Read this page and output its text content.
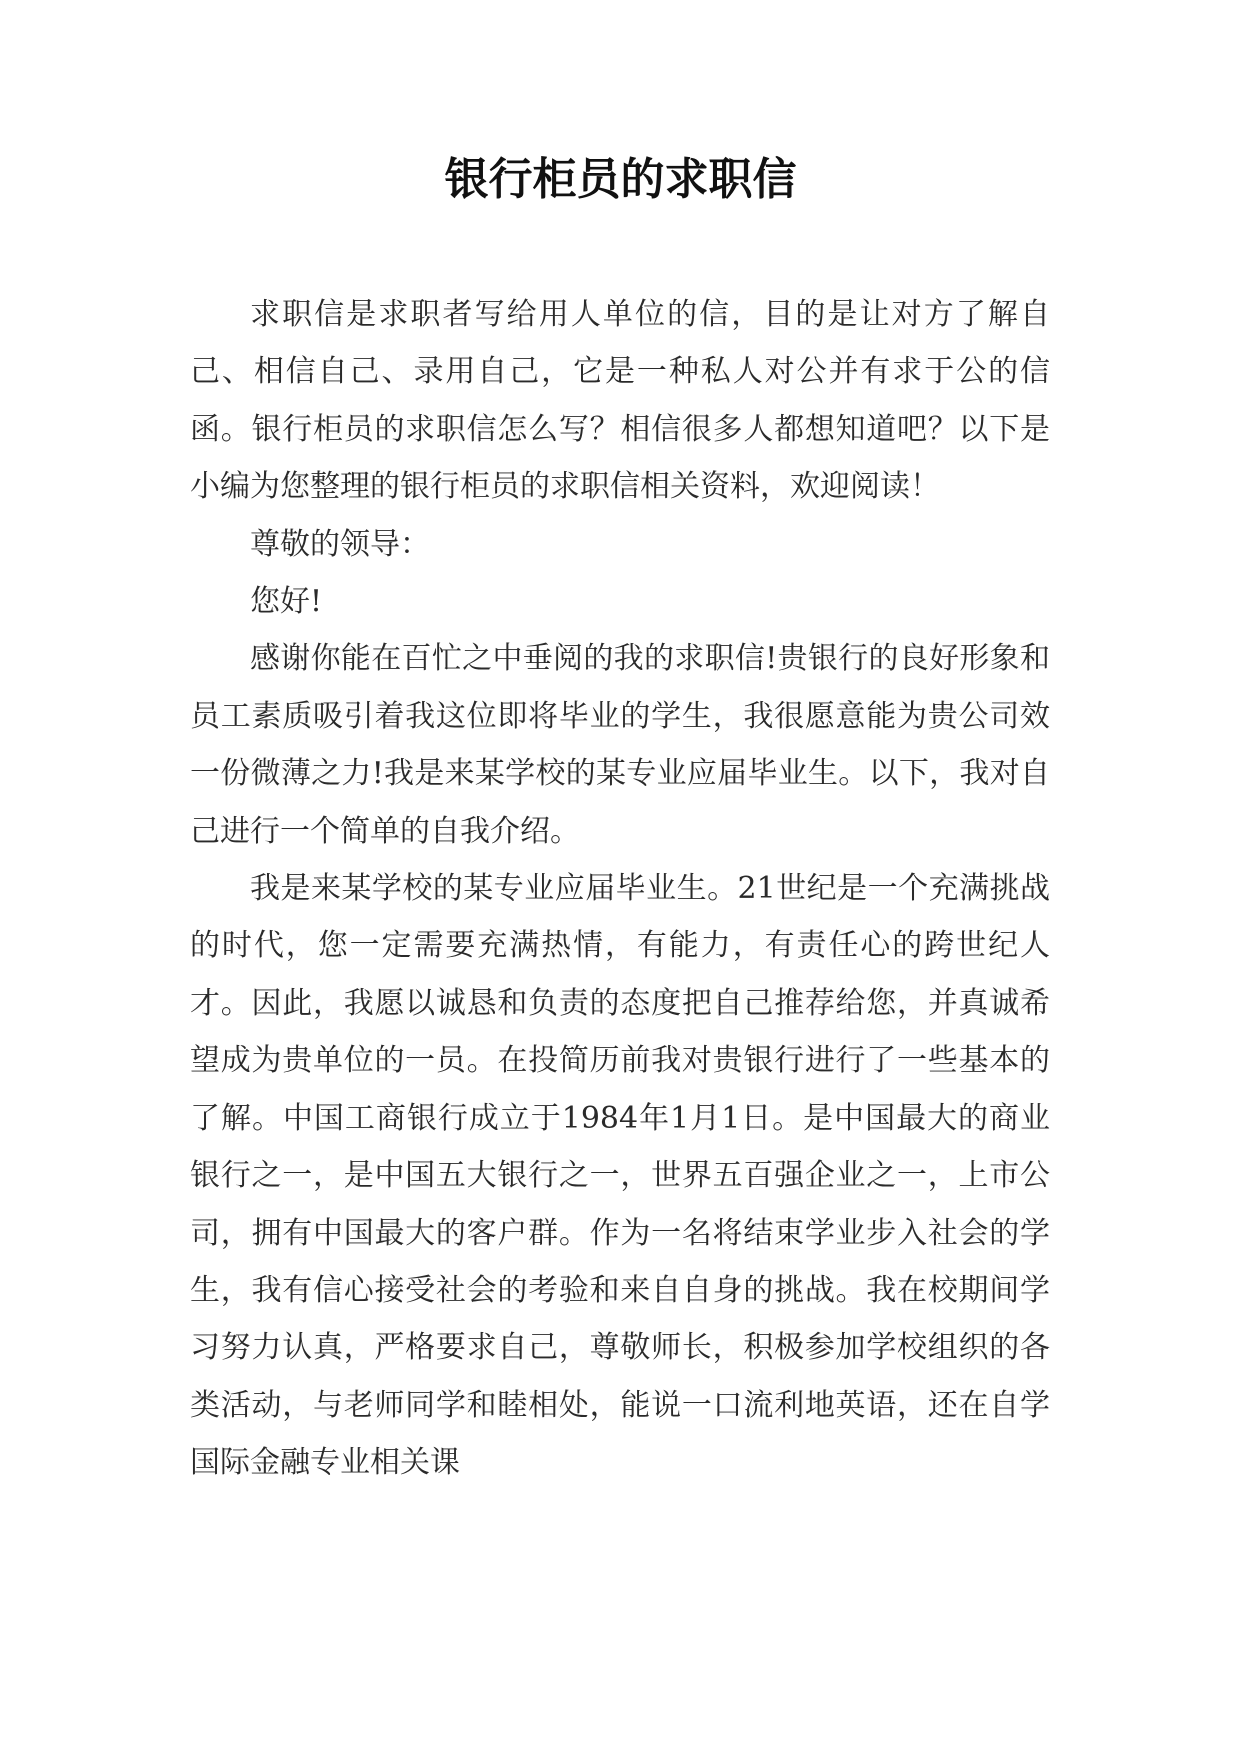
银行柜员的求职信

求职信是求职者写给用人单位的信，目的是让对方了解自己、相信自己、录用自己，它是一种私人对公并有求于公的信函。银行柜员的求职信怎么写？相信很多人都想知道吧？以下是小编为您整理的银行柜员的求职信相关资料，欢迎阅读！

尊敬的领导：

您好!

感谢你能在百忙之中垂阅的我的求职信!贵银行的良好形象和员工素质吸引着我这位即将毕业的学生，我很愿意能为贵公司效一份微薄之力!我是来某学校的某专业应届毕业生。以下，我对自己进行一个简单的自我介绍。

我是来某学校的某专业应届毕业生。21世纪是一个充满挑战的时代，您一定需要充满热情，有能力，有责任心的跨世纪人才。因此，我愿以诚恳和负责的态度把自己推荐给您，并真诚希望成为贵单位的一员。在投简历前我对贵银行进行了一些基本的了解。中国工商银行成立于1984年1月1日。是中国最大的商业银行之一，是中国五大银行之一，世界五百强企业之一，上市公司，拥有中国最大的客户群。作为一名将结束学业步入社会的学生，我有信心接受社会的考验和来自自身的挑战。我在校期间学习努力认真，严格要求自己，尊敬师长，积极参加学校组织的各类活动，与老师同学和睦相处，能说一口流利地英语，还在自学国际金融专业相关课
